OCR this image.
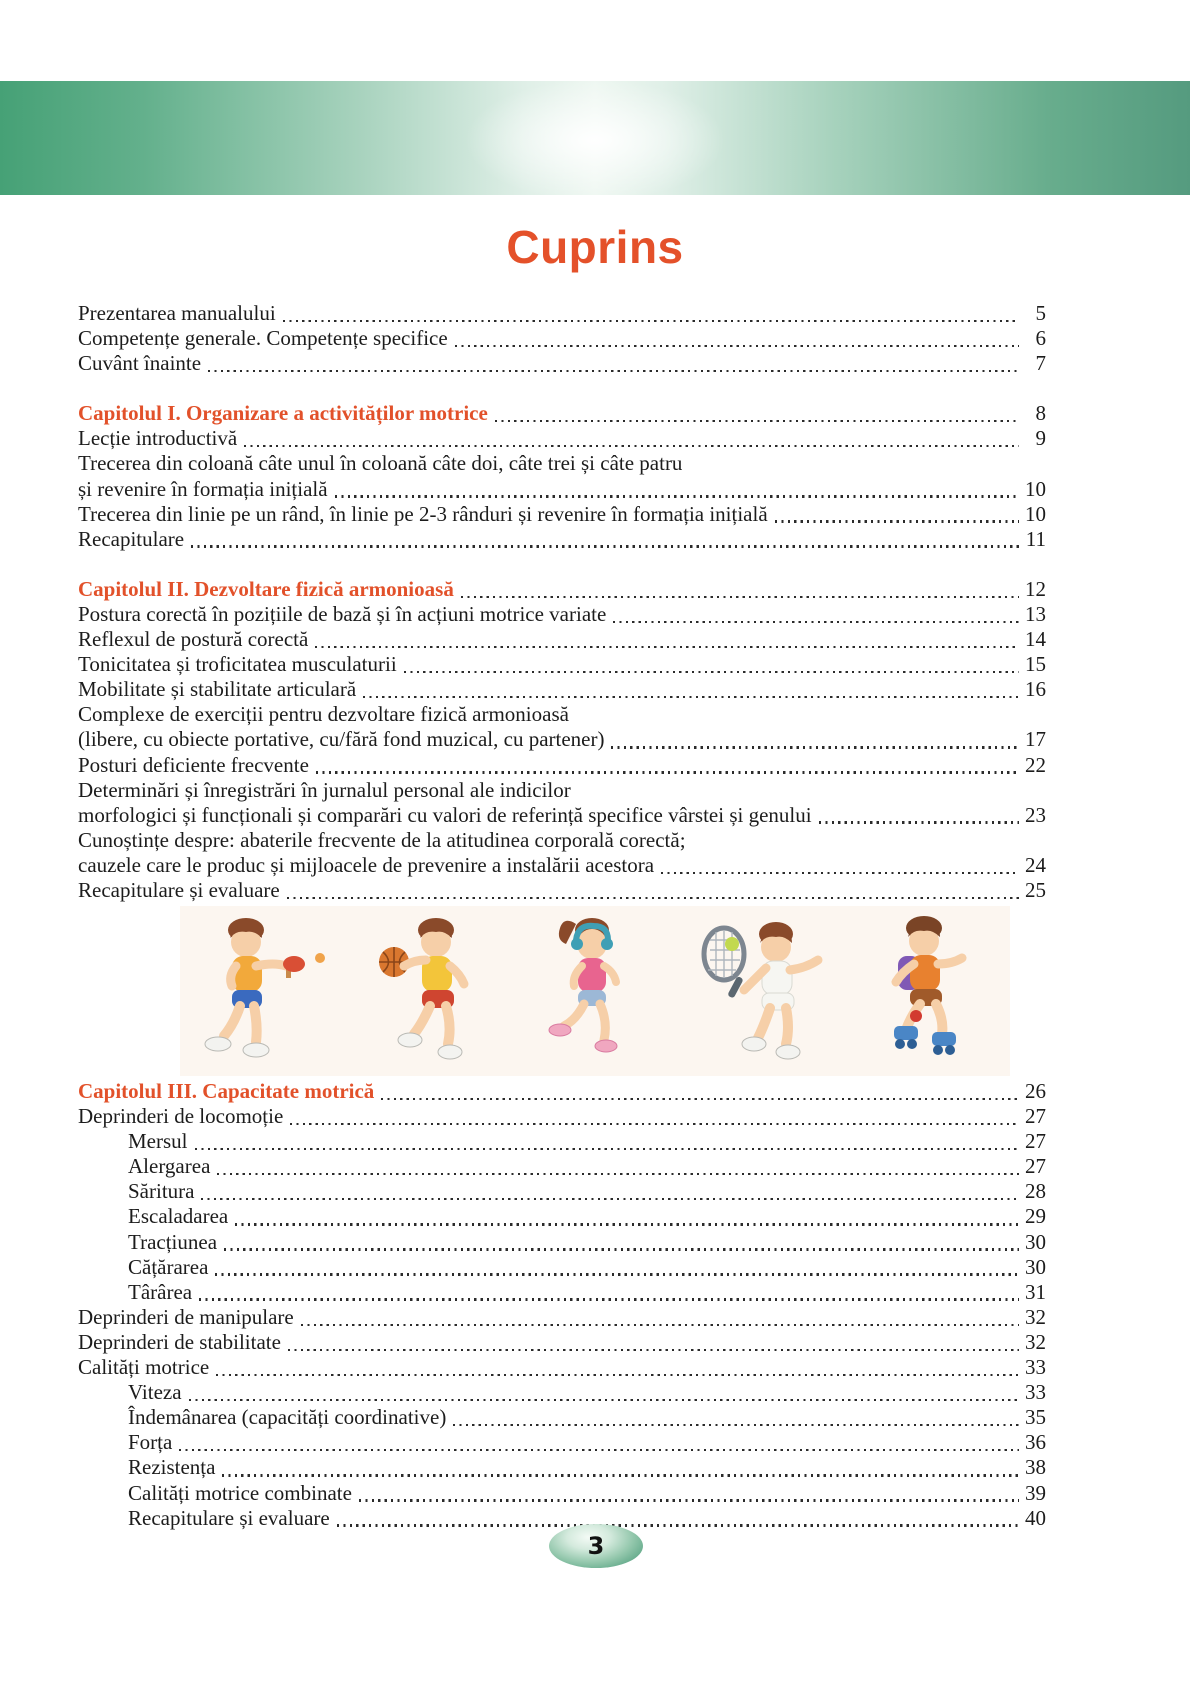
Cuprins
Prezentarea manualului	5
Competențe generale. Competențe specifice	6
Cuvânt înainte	7
Capitolul I. Organizare a activităților motrice	8
Lecție introductivă	9
Trecerea din coloană câte unul în coloană câte doi, câte trei și câte patru
și revenire în formația inițială	10
Trecerea din linie pe un rând, în linie pe 2-3 rânduri și revenire în formația inițială	10
Recapitulare	11
Capitolul II. Dezvoltare fizică armonioasă	12
Postura corectă în pozițiile de bază și în acțiuni motrice variate	13
Reflexul de postură corectă	14
Tonicitatea și troficitatea musculaturii	15
Mobilitate și stabilitate articulară	16
Complexe de exerciții pentru dezvoltare fizică armonioasă
(libere, cu obiecte portative, cu/fără fond muzical, cu partener)	17
Posturi deficiente frecvente	22
Determinări și înregistrări în jurnalul personal ale indicilor
morfologici și funcționali și comparări cu valori de referință specifice vârstei și genului	23
Cunoștințe despre: abaterile frecvente de la atitudinea corporală corectă;
cauzele care le produc și mijloacele de prevenire a instalării acestora	24
Recapitulare și evaluare	25
Capitolul III. Capacitate motrică	26
Deprinderi de locomoție	27
Mersul	27
Alergarea	27
Săritura	28
Escaladarea	29
Tracțiunea	30
Cățărarea	30
Târârea	31
Deprinderi de manipulare	32
Deprinderi de stabilitate	32
Calități motrice	33
Viteza	33
Îndemânarea (capacități coordinative)	35
Forța	36
Rezistența	38
Calități motrice combinate	39
Recapitulare și evaluare	40
3
